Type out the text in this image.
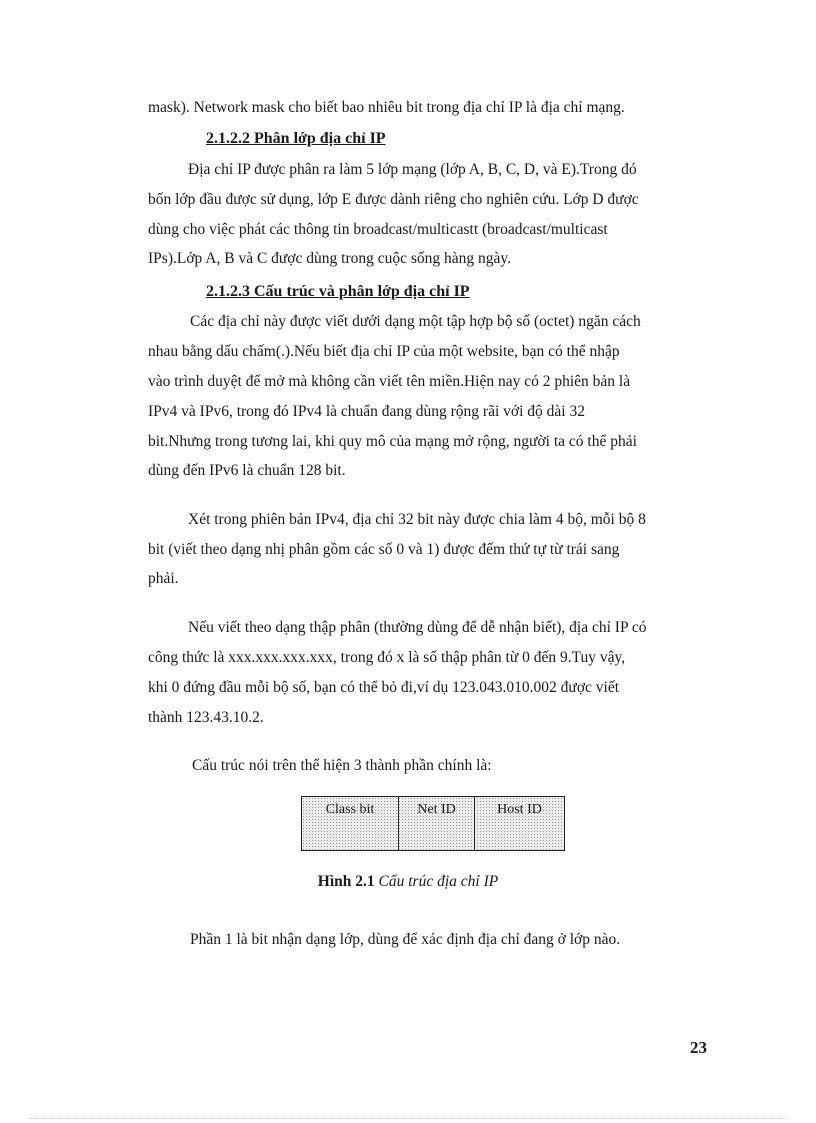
mask). Network mask cho biết bao nhiêu bit trong địa chỉ IP là địa chỉ mạng.
2.1.2.2 Phân lớp địa chỉ IP
Địa chỉ IP được phân ra làm 5 lớp mạng (lớp A, B, C, D, và E).Trong đó
bốn lớp đầu được sử dụng, lớp E được dành riêng cho nghiên cứu. Lớp D được
dùng cho việc phát các thông tin broadcast/multicastt (broadcast/multicast
IPs).Lớp A, B và C được dùng trong cuộc sống hàng ngày.
2.1.2.3 Cấu trúc và phân lớp địa chỉ IP
Các địa chỉ này được viết dưới dạng một tập hợp bộ số (octet) ngăn cách
nhau bằng dấu chấm(.).Nếu biết địa chỉ IP của một website, bạn có thể nhập
vào trình duyệt để mở mà không cần viết tên miền.Hiện nay có 2 phiên bản là
IPv4 và IPv6, trong đó IPv4 là chuẩn đang dùng rộng rãi với độ dài 32
bit.Nhưng trong tương lai, khi quy mô của mạng mở rộng, người ta có thể phải
dùng đến IPv6 là chuẩn 128 bit.
Xét trong phiên bản IPv4, địa chỉ 32 bit này được chia làm 4 bộ, mỗi bộ 8
bit (viết theo dạng nhị phân gồm các số 0 và 1) được đếm thứ tự từ trái sang
phải.
Nếu viết theo dạng thập phân (thường dùng để dễ nhận biết), địa chỉ IP có
công thức là xxx.xxx.xxx.xxx, trong đó x là số thập phân từ 0 đến 9.Tuy vậy,
khi 0 đứng đầu mỗi bộ số, bạn có thể bỏ đi,ví dụ 123.043.010.002 được viết
thành 123.43.10.2.
Cấu trúc nói trên thể hiện 3 thành phần chính là:
Class bit	Net ID	Host ID
Hình 2.1 Cấu trúc địa chỉ IP
Phần 1 là bit nhận dạng lớp, dùng để xác định địa chỉ đang ở lớp nào.
23
